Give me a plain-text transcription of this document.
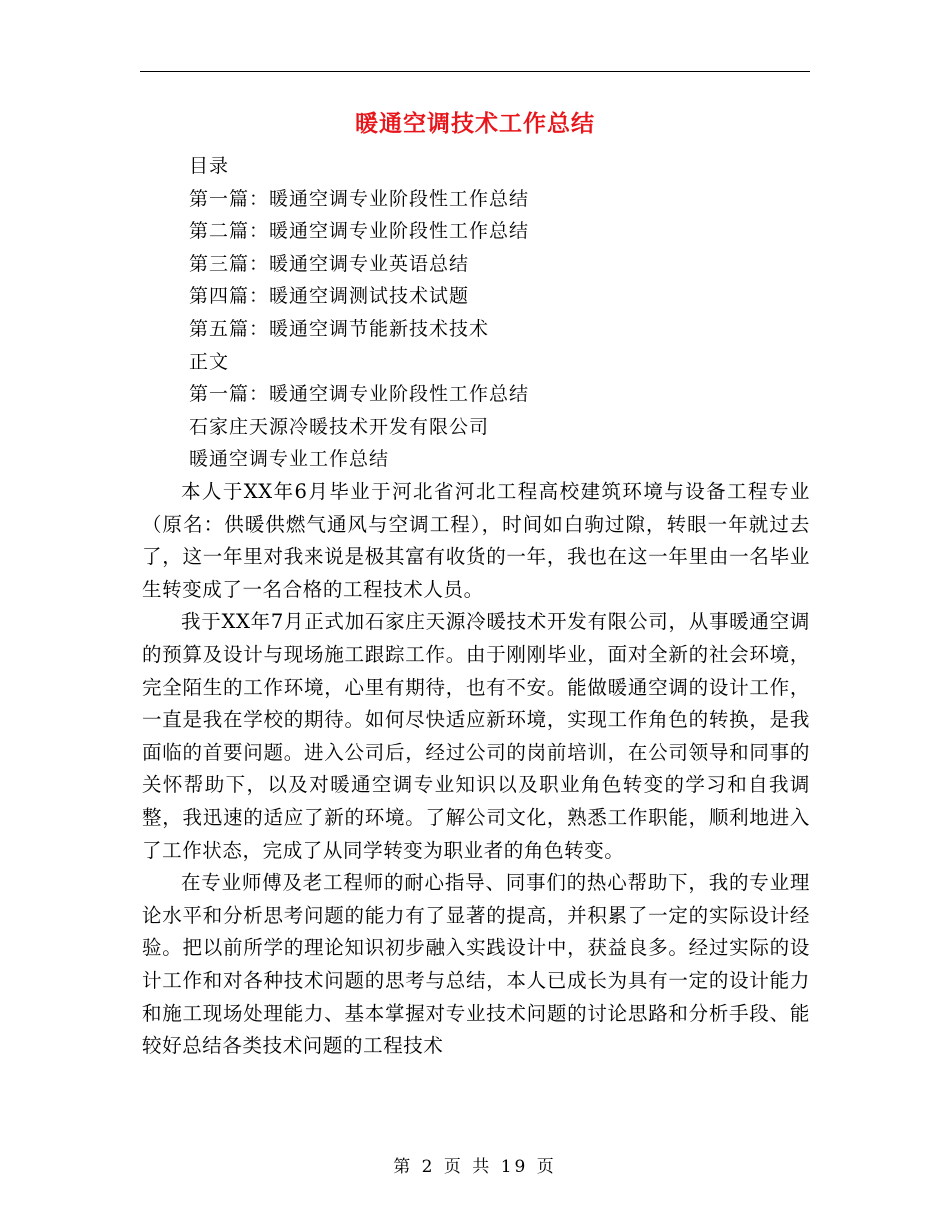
暖通空调技术工作总结
目录
第一篇：暖通空调专业阶段性工作总结
第二篇：暖通空调专业阶段性工作总结
第三篇：暖通空调专业英语总结
第四篇：暖通空调测试技术试题
第五篇：暖通空调节能新技术技术
正文
第一篇：暖通空调专业阶段性工作总结
石家庄天源冷暖技术开发有限公司
暖通空调专业工作总结

本人于XX年6月毕业于河北省河北工程高校建筑环境与设备工程专业（原名：供暖供燃气通风与空调工程），时间如白驹过隙，转眼一年就过去了，这一年里对我来说是极其富有收货的一年，我也在这一年里由一名毕业生转变成了一名合格的工程技术人员。

我于XX年7月正式加石家庄天源冷暖技术开发有限公司，从事暖通空调的预算及设计与现场施工跟踪工作。由于刚刚毕业，面对全新的社会环境，完全陌生的工作环境，心里有期待，也有不安。能做暖通空调的设计工作，一直是我在学校的期待。如何尽快适应新环境，实现工作角色的转换，是我面临的首要问题。进入公司后，经过公司的岗前培训，在公司领导和同事的关怀帮助下，以及对暖通空调专业知识以及职业角色转变的学习和自我调整，我迅速的适应了新的环境。了解公司文化，熟悉工作职能，顺利地进入了工作状态，完成了从同学转变为职业者的角色转变。

在专业师傅及老工程师的耐心指导、同事们的热心帮助下，我的专业理论水平和分析思考问题的能力有了显著的提高，并积累了一定的实际设计经验。把以前所学的理论知识初步融入实践设计中，获益良多。经过实际的设计工作和对各种技术问题的思考与总结，本人已成长为具有一定的设计能力和施工现场处理能力、基本掌握对专业技术问题的讨论思路和分析手段、能较好总结各类技术问题的工程技术

第 2 页 共 19 页
